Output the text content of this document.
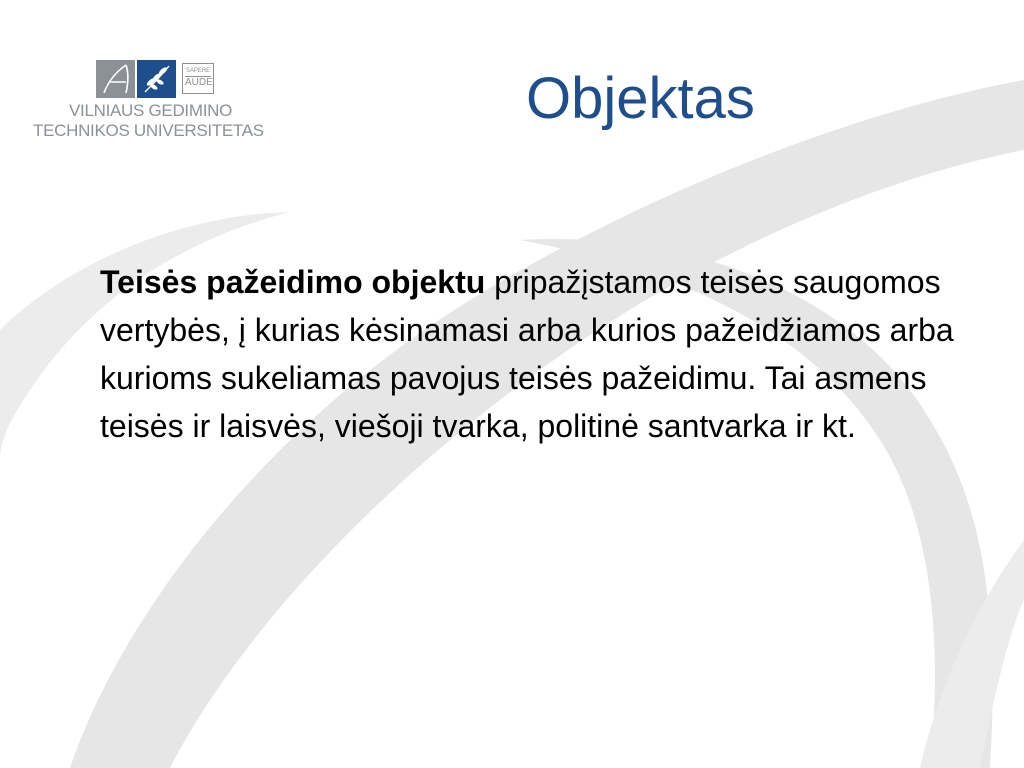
SAPERE
AUDE
VILNIAUS GEDIMINO
TECHNIKOS UNIVERSITETAS	Objektas
Teisės pažeidimo objektu pripažįstamos teisės saugomos vertybės, į kurias kėsinamasi arba kurios pažeidžiamos arba kurioms sukeliamas pavojus teisės pažeidimu. Tai asmens teisės ir laisvės, viešoji tvarka, politinė santvarka ir kt.
